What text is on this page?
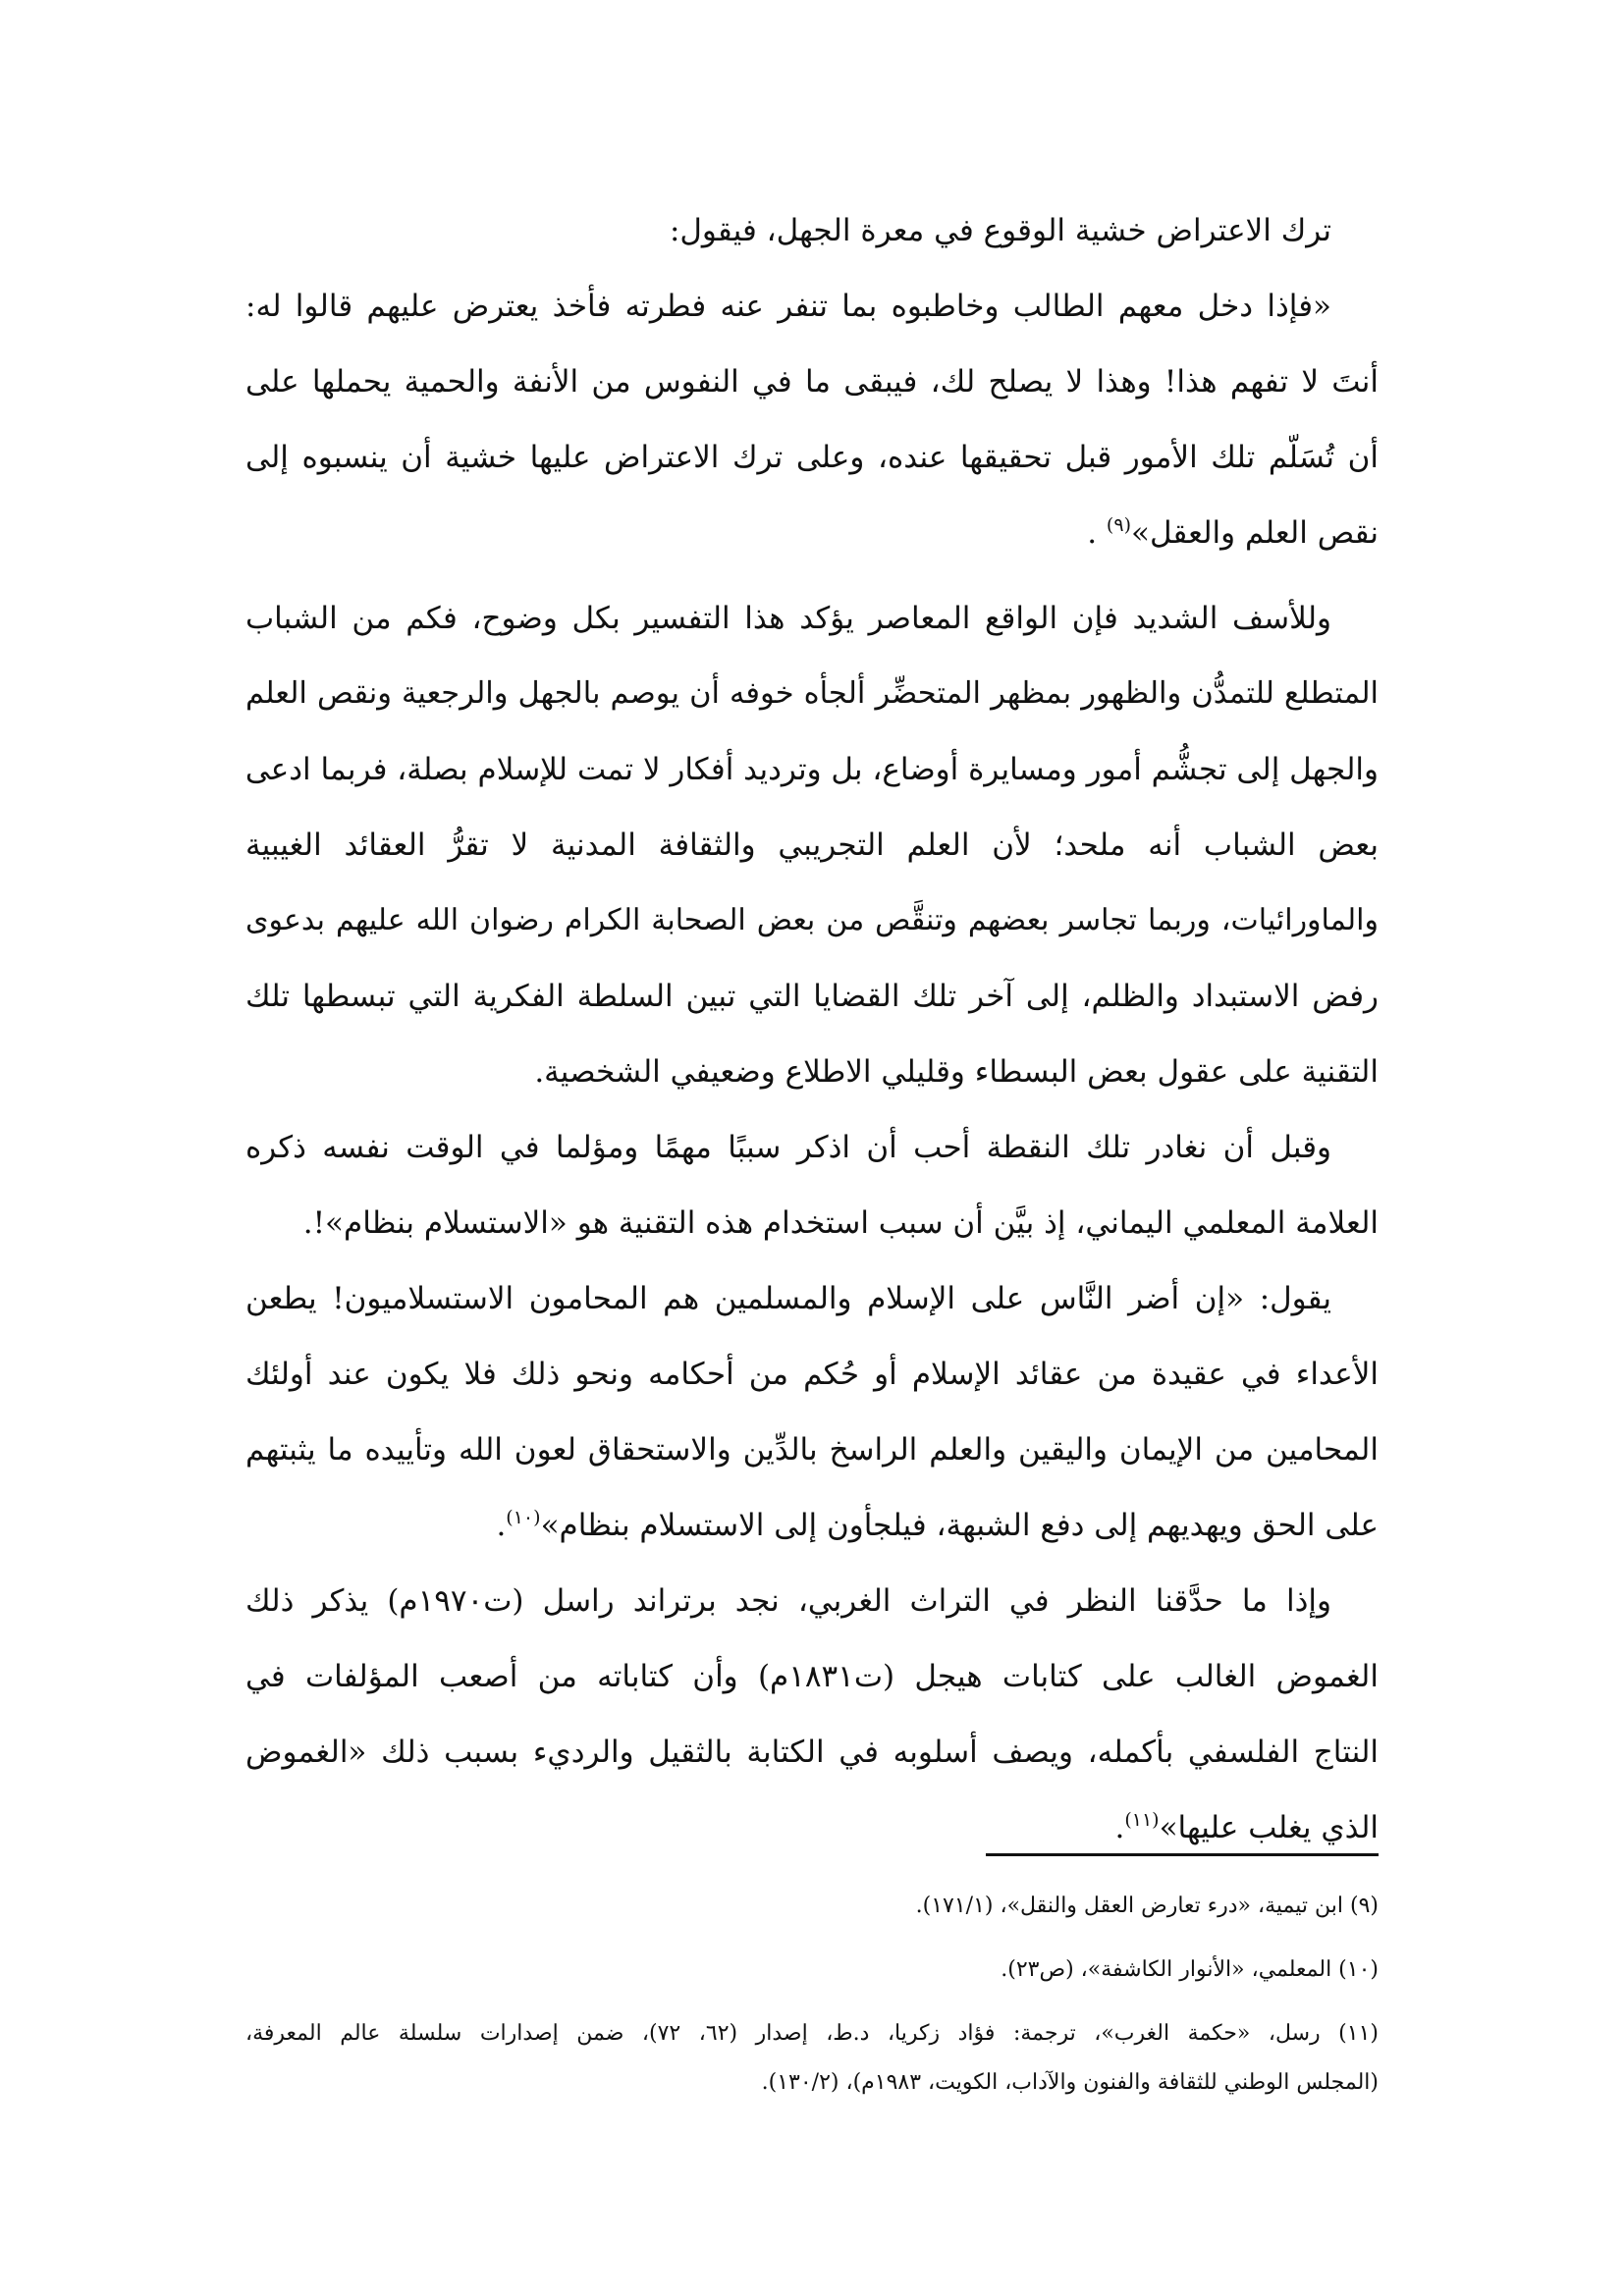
ترك الاعتراض خشية الوقوع في معرة الجهل، فيقول:
«فإذا دخل معهم الطالب وخاطبوه بما تنفر عنه فطرته فأخذ يعترض عليهم قالوا له:
أنتَ لا تفهم هذا! وهذا لا يصلح لك، فيبقى ما في النفوس من الأنفة والحمية يحملها على
أن تُسَلّم تلك الأمور قبل تحقيقها عنده، وعلى ترك الاعتراض عليها خشية أن ينسبوه إلى
نقص العلم والعقل»$^{(٩)}$ .
وللأسف الشديد فإن الواقع المعاصر يؤكد هذا التفسير بكل وضوح، فكم من الشباب
المتطلع للتمدُّن والظهور بمظهر المتحضِّر ألجأه خوفه أن يوصم بالجهل والرجعية ونقص العلم
والجهل إلى تجشُّم أمور ومسايرة أوضاع، بل وترديد أفكار لا تمت للإسلام بصلة، فربما ادعى
بعض الشباب أنه ملحد؛ لأن العلم التجريبي والثقافة المدنية لا تقرُّ العقائد الغيبية
والماورائيات، وربما تجاسر بعضهم وتنقَّص من بعض الصحابة الكرام رضوان الله عليهم بدعوى
رفض الاستبداد والظلم، إلى آخر تلك القضايا التي تبين السلطة الفكرية التي تبسطها تلك
التقنية على عقول بعض البسطاء وقليلي الاطلاع وضعيفي الشخصية.
وقبل أن نغادر تلك النقطة أحب أن اذكر سببًا مهمًا ومؤلما في الوقت نفسه ذكره
العلامة المعلمي اليماني، إذ بيَّن أن سبب استخدام هذه التقنية هو «الاستسلام بنظام»!.
يقول: «إن أضر النَّاس على الإسلام والمسلمين هم المحامون الاستسلاميون! يطعن
الأعداء في عقيدة من عقائد الإسلام أو حُكم من أحكامه ونحو ذلك فلا يكون عند أولئك
المحامين من الإيمان واليقين والعلم الراسخ بالدِّين والاستحقاق لعون الله وتأييده ما يثبتهم
على الحق ويهديهم إلى دفع الشبهة، فيلجأون إلى الاستسلام بنظام»$^{(١٠)}$.
وإذا ما حدَّقنا النظر في التراث الغربي، نجد برتراند راسل (ت١٩٧٠م) يذكر ذلك
الغموض الغالب على كتابات هيجل (ت١٨٣١م) وأن كتاباته من أصعب المؤلفات في
النتاج الفلسفي بأكمله، ويصف أسلوبه في الكتابة بالثقيل والرديء بسبب ذلك «الغموض
الذي يغلب عليها»$^{(١١)}$.
(٩) ابن تيمية، «درء تعارض العقل والنقل»، (١٧١/١).
(١٠) المعلمي، «الأنوار الكاشفة»، (ص٢٣).
(١١) رسل، «حكمة الغرب»، ترجمة: فؤاد زكريا، د.ط، إصدار (٦٢، ٧٢)، ضمن إصدارات سلسلة عالم المعرفة،
(المجلس الوطني للثقافة والفنون والآداب، الكويت، ١٩٨٣م)، (١٣٠/٢).
